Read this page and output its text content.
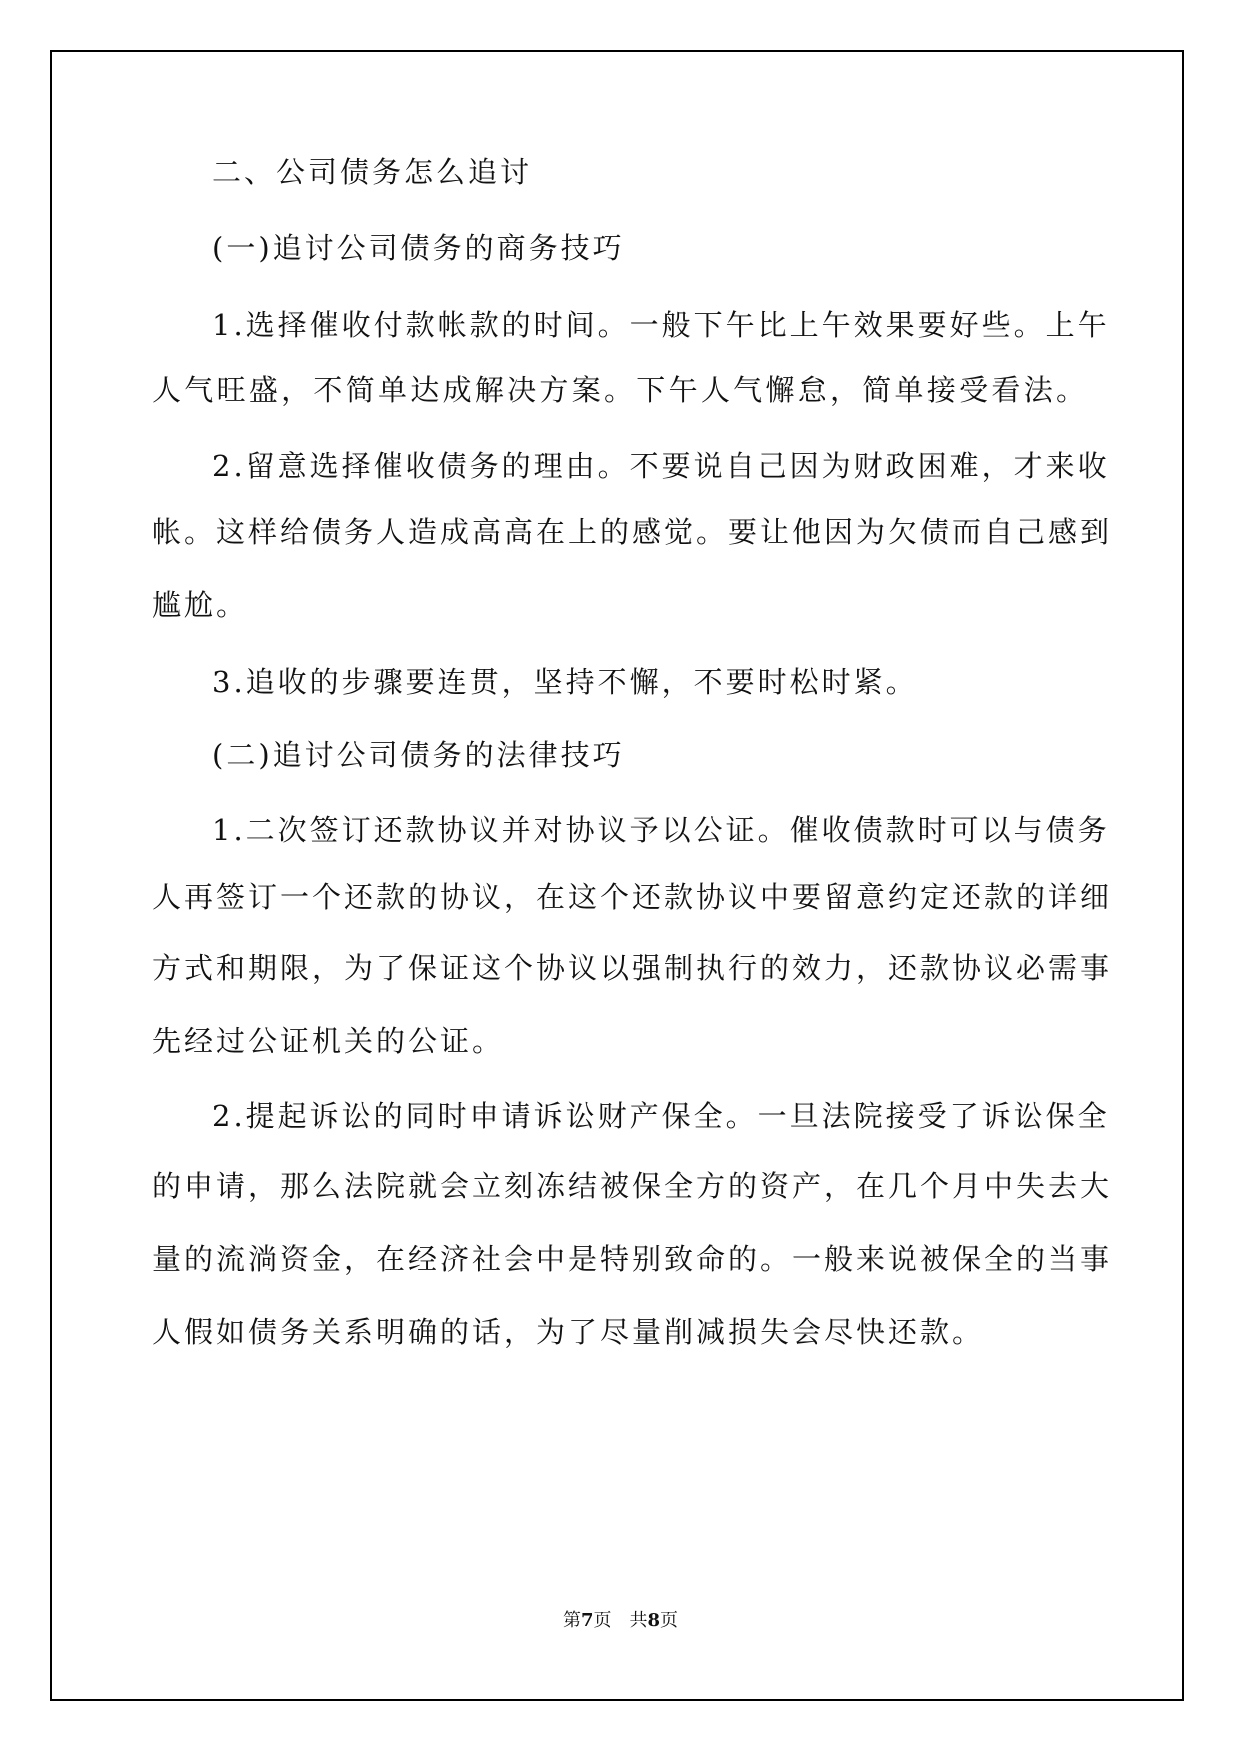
二、公司债务怎么追讨
(一)追讨公司债务的商务技巧
1.选择催收付款帐款的时间。一般下午比上午效果要好些。上午
人气旺盛，不简单达成解决方案。下午人气懈怠，简单接受看法。
2.留意选择催收债务的理由。不要说自己因为财政困难，才来收
帐。这样给债务人造成高高在上的感觉。要让他因为欠债而自己感到
尴尬。
3.追收的步骤要连贯，坚持不懈，不要时松时紧。
(二)追讨公司债务的法律技巧
1.二次签订还款协议并对协议予以公证。催收债款时可以与债务
人再签订一个还款的协议，在这个还款协议中要留意约定还款的详细
方式和期限，为了保证这个协议以强制执行的效力，还款协议必需事
先经过公证机关的公证。
2.提起诉讼的同时申请诉讼财产保全。一旦法院接受了诉讼保全
的申请，那么法院就会立刻冻结被保全方的资产，在几个月中失去大
量的流淌资金，在经济社会中是特别致命的。一般来说被保全的当事
人假如债务关系明确的话，为了尽量削减损失会尽快还款。
第7页　共8页
